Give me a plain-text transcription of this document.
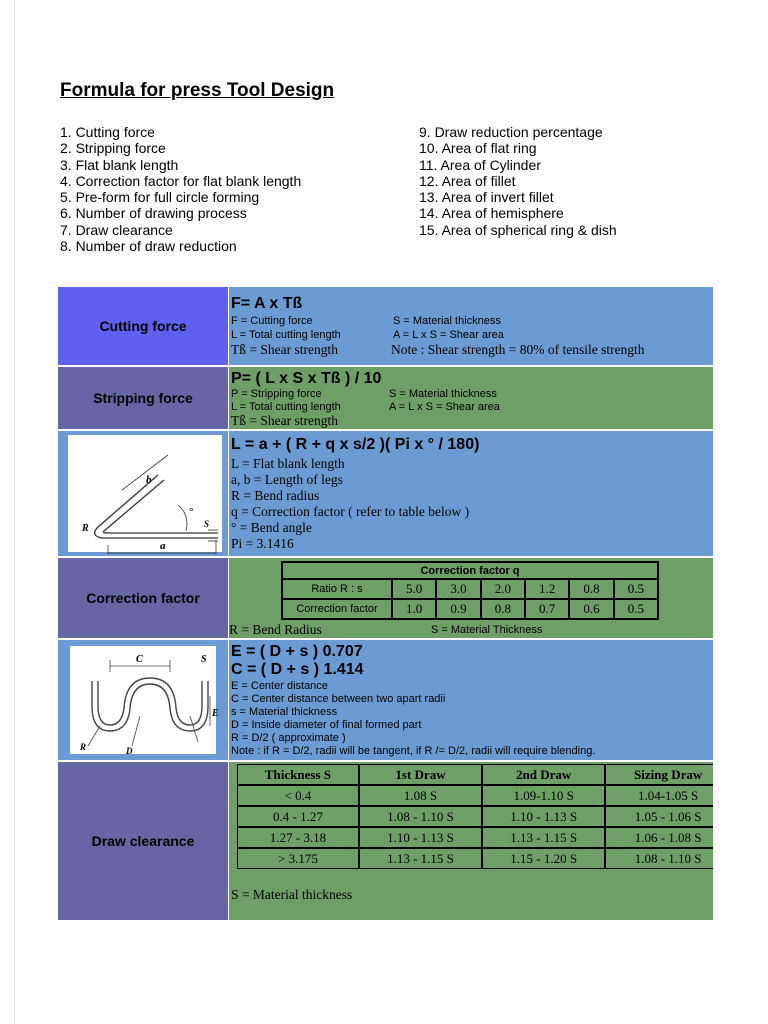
Formula for press Tool Design
1. Cutting force
2. Stripping force
3. Flat blank length
4. Correction factor for flat blank length
5. Pre-form for full circle forming
6. Number of drawing process
7. Draw clearance
8. Number of draw reduction
9. Draw reduction percentage
10. Area of flat ring
11. Area of Cylinder
12. Area of fillet
13. Area of invert fillet
14. Area of hemisphere
15. Area of spherical ring & dish
Cutting force
F= A x Tß
F = Cutting force	S = Material thickness
L = Total cutting length	A = L x S = Shear area
Tß = Shear strength	Note : Shear strength = 80% of tensile strength
Stripping force
P= ( L x S x Tß ) / 10
P = Stripping force	S = Material thickness
L = Total cutting length	A = L x S = Shear area
Tß = Shear strength
b
a
R	S
°
L = a + ( R + q x s/2 )( Pi x ° / 180)
L = Flat blank length
a, b = Length of legs
R = Bend radius
q = Correction factor ( refer to table below )
° = Bend angle
Pi = 3.1416
Correction factor
Correction factor q						
Ratio R : s	5.0	3.0	2.0	1.2	0.8	0.5
Correction factor	1.0	0.9	0.8	0.7	0.6	0.5
R = Bend Radius	S = Material Thickness
C
E
S
R	D
E = ( D + s ) 0.707
C = ( D + s ) 1.414
E = Center distance
C = Center distance between two apart radii
s = Material thickness
D = Inside diameter of final formed part
R = D/2 ( approximate )
Note : if R = D/2, radii will be tangent, if R /= D/2, radii will require blending.
Draw clearance
Thickness S	1st Draw	2nd Draw	Sizing Draw
< 0.4	1.08 S	1.09-1.10 S	1.04-1.05 S
0.4 - 1.27	1.08 - 1.10 S	1.10 - 1.13 S	1.05 - 1.06 S
1.27 - 3.18	1.10 - 1.13 S	1.13 - 1.15 S	1.06 - 1.08 S
> 3.175	1.13 - 1.15 S	1.15 - 1.20 S	1.08 - 1.10 S
S = Material thickness
